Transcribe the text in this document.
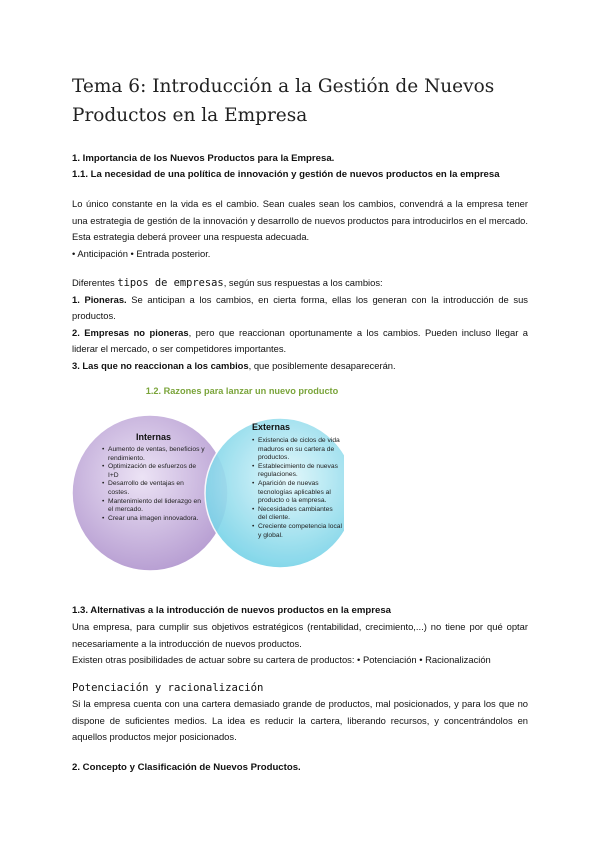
Tema 6: Introducción a la Gestión de Nuevos Productos en la Empresa

1. Importancia de los Nuevos Productos para la Empresa.

1.1. La necesidad de una política de innovación y gestión de nuevos productos en la empresa

Lo único constante en la vida es el cambio. Sean cuales sean los cambios, convendrá a la empresa tener una estrategia de gestión de la innovación y desarrollo de nuevos productos para introducirlos en el mercado. Esta estrategia deberá proveer una respuesta adecuada.
• Anticipación • Entrada posterior.

Diferentes tipos de empresas, según sus respuestas a los cambios:
1. Pioneras. Se anticipan a los cambios, en cierta forma, ellas los generan con la introducción de sus productos.
2. Empresas no pioneras, pero que reaccionan oportunamente a los cambios. Pueden incluso llegar a liderar el mercado, o ser competidores importantes.
3. Las que no reaccionan a los cambios, que posiblemente desaparecerán.

1.2. Razones para lanzar un nuevo producto
Internas
• Aumento de ventas, beneficios y rendimiento.
• Optimización de esfuerzos de I+D
• Desarrollo de ventajas en costes.
• Mantenimiento del liderazgo en el mercado.
• Crear una imagen innovadora.
Externas
• Existencia de ciclos de vida maduros en su cartera de productos.
• Establecimiento de nuevas regulaciones.
• Aparición de nuevas tecnologías aplicables al producto o la empresa.
• Necesidades cambiantes del cliente.
• Creciente competencia local y global.

1.3. Alternativas a la introducción de nuevos productos en la empresa

Una empresa, para cumplir sus objetivos estratégicos (rentabilidad, crecimiento,...) no tiene por qué optar necesariamente a la introducción de nuevos productos.
Existen otras posibilidades de actuar sobre su cartera de productos: • Potenciación • Racionalización

Potenciación y racionalización

Si la empresa cuenta con una cartera demasiado grande de productos, mal posicionados, y para los que no dispone de suficientes medios. La idea es reducir la cartera, liberando recursos, y concentrándolos en aquellos productos mejor posicionados.

2. Concepto y Clasificación de Nuevos Productos.
